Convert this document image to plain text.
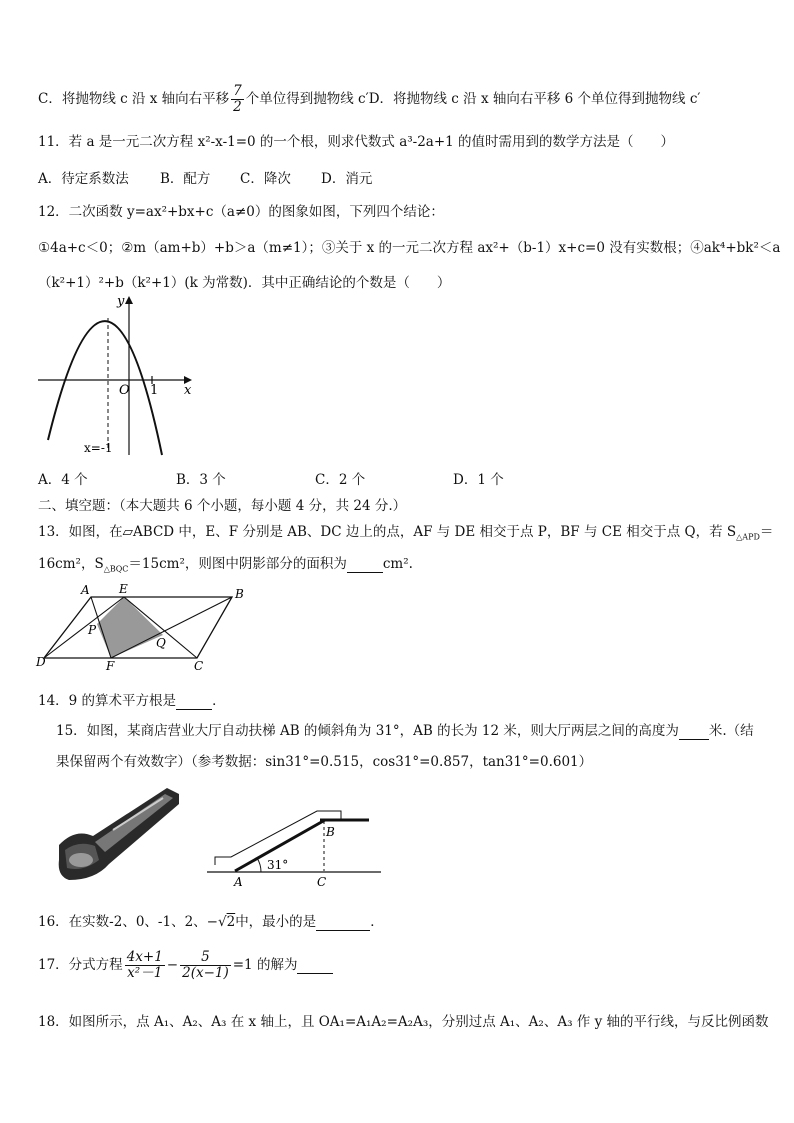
C．将抛物线 c 沿 x 轴向右平移 $\frac{7}{2}$ 个单位得到抛物线 c′D．将抛物线 c 沿 x 轴向右平移 6 个单位得到抛物线 c′
11．若 a 是一元二次方程 x²-x-1=0 的一个根，则求代数式 a³-2a+1 的值时需用到的数学方法是（　　）
A．待定系数法 B．配方 C．降次 D．消元
12．二次函数 y=ax²+bx+c（a≠0）的图象如图，下列四个结论：
①4a+c＜0；②m（am+b）+b＞a（m≠1）；③关于 x 的一元二次方程 ax²+（b-1）x+c=0 没有实数根；④ak⁴+bk²＜a
（k²+1）²+b（k²+1）(k 为常数)．其中正确结论的个数是（　　）
y
x
O 1
x=-1
A．4 个	B．3 个	C．2 个	D．1 个
二、填空题：（本大题共 6 个小题，每小题 4 分，共 24 分.）
13．如图，在▱ABCD 中，E、F 分别是 AB、DC 边上的点，AF 与 DE 相交于点 P，BF 与 CE 相交于点 Q，若 $S_{\triangle APD}=$
16cm²，$S_{\triangle BQC}=15cm^2$，则图中阴影部分的面积为	cm².
A E	B
P
Q
D	F	C
14．9 的算术平方根是	．
15．如图，某商店营业大厅自动扶梯 AB 的倾斜角为 31°，AB 的长为 12 米，则大厅两层之间的高度为 米.（结
果保留两个有效数字）（参考数据：sin31°=0.515，cos31°=0.857，tan31°=0.601）
31°
A
B
C
16．在实数-2、0、-1、2、−√2中，最小的是	．
17．分式方程 $\frac{4x+1}{\text{x²－1}} - \frac{5}{2(x-1)} =1$ 的解为
18．如图所示，点 A₁、A₂、A₃ 在 x 轴上，且 OA₁=A₁A₂=A₂A₃，分别过点 A₁、A₂、A₃ 作 y 轴的平行线，与反比例函数
